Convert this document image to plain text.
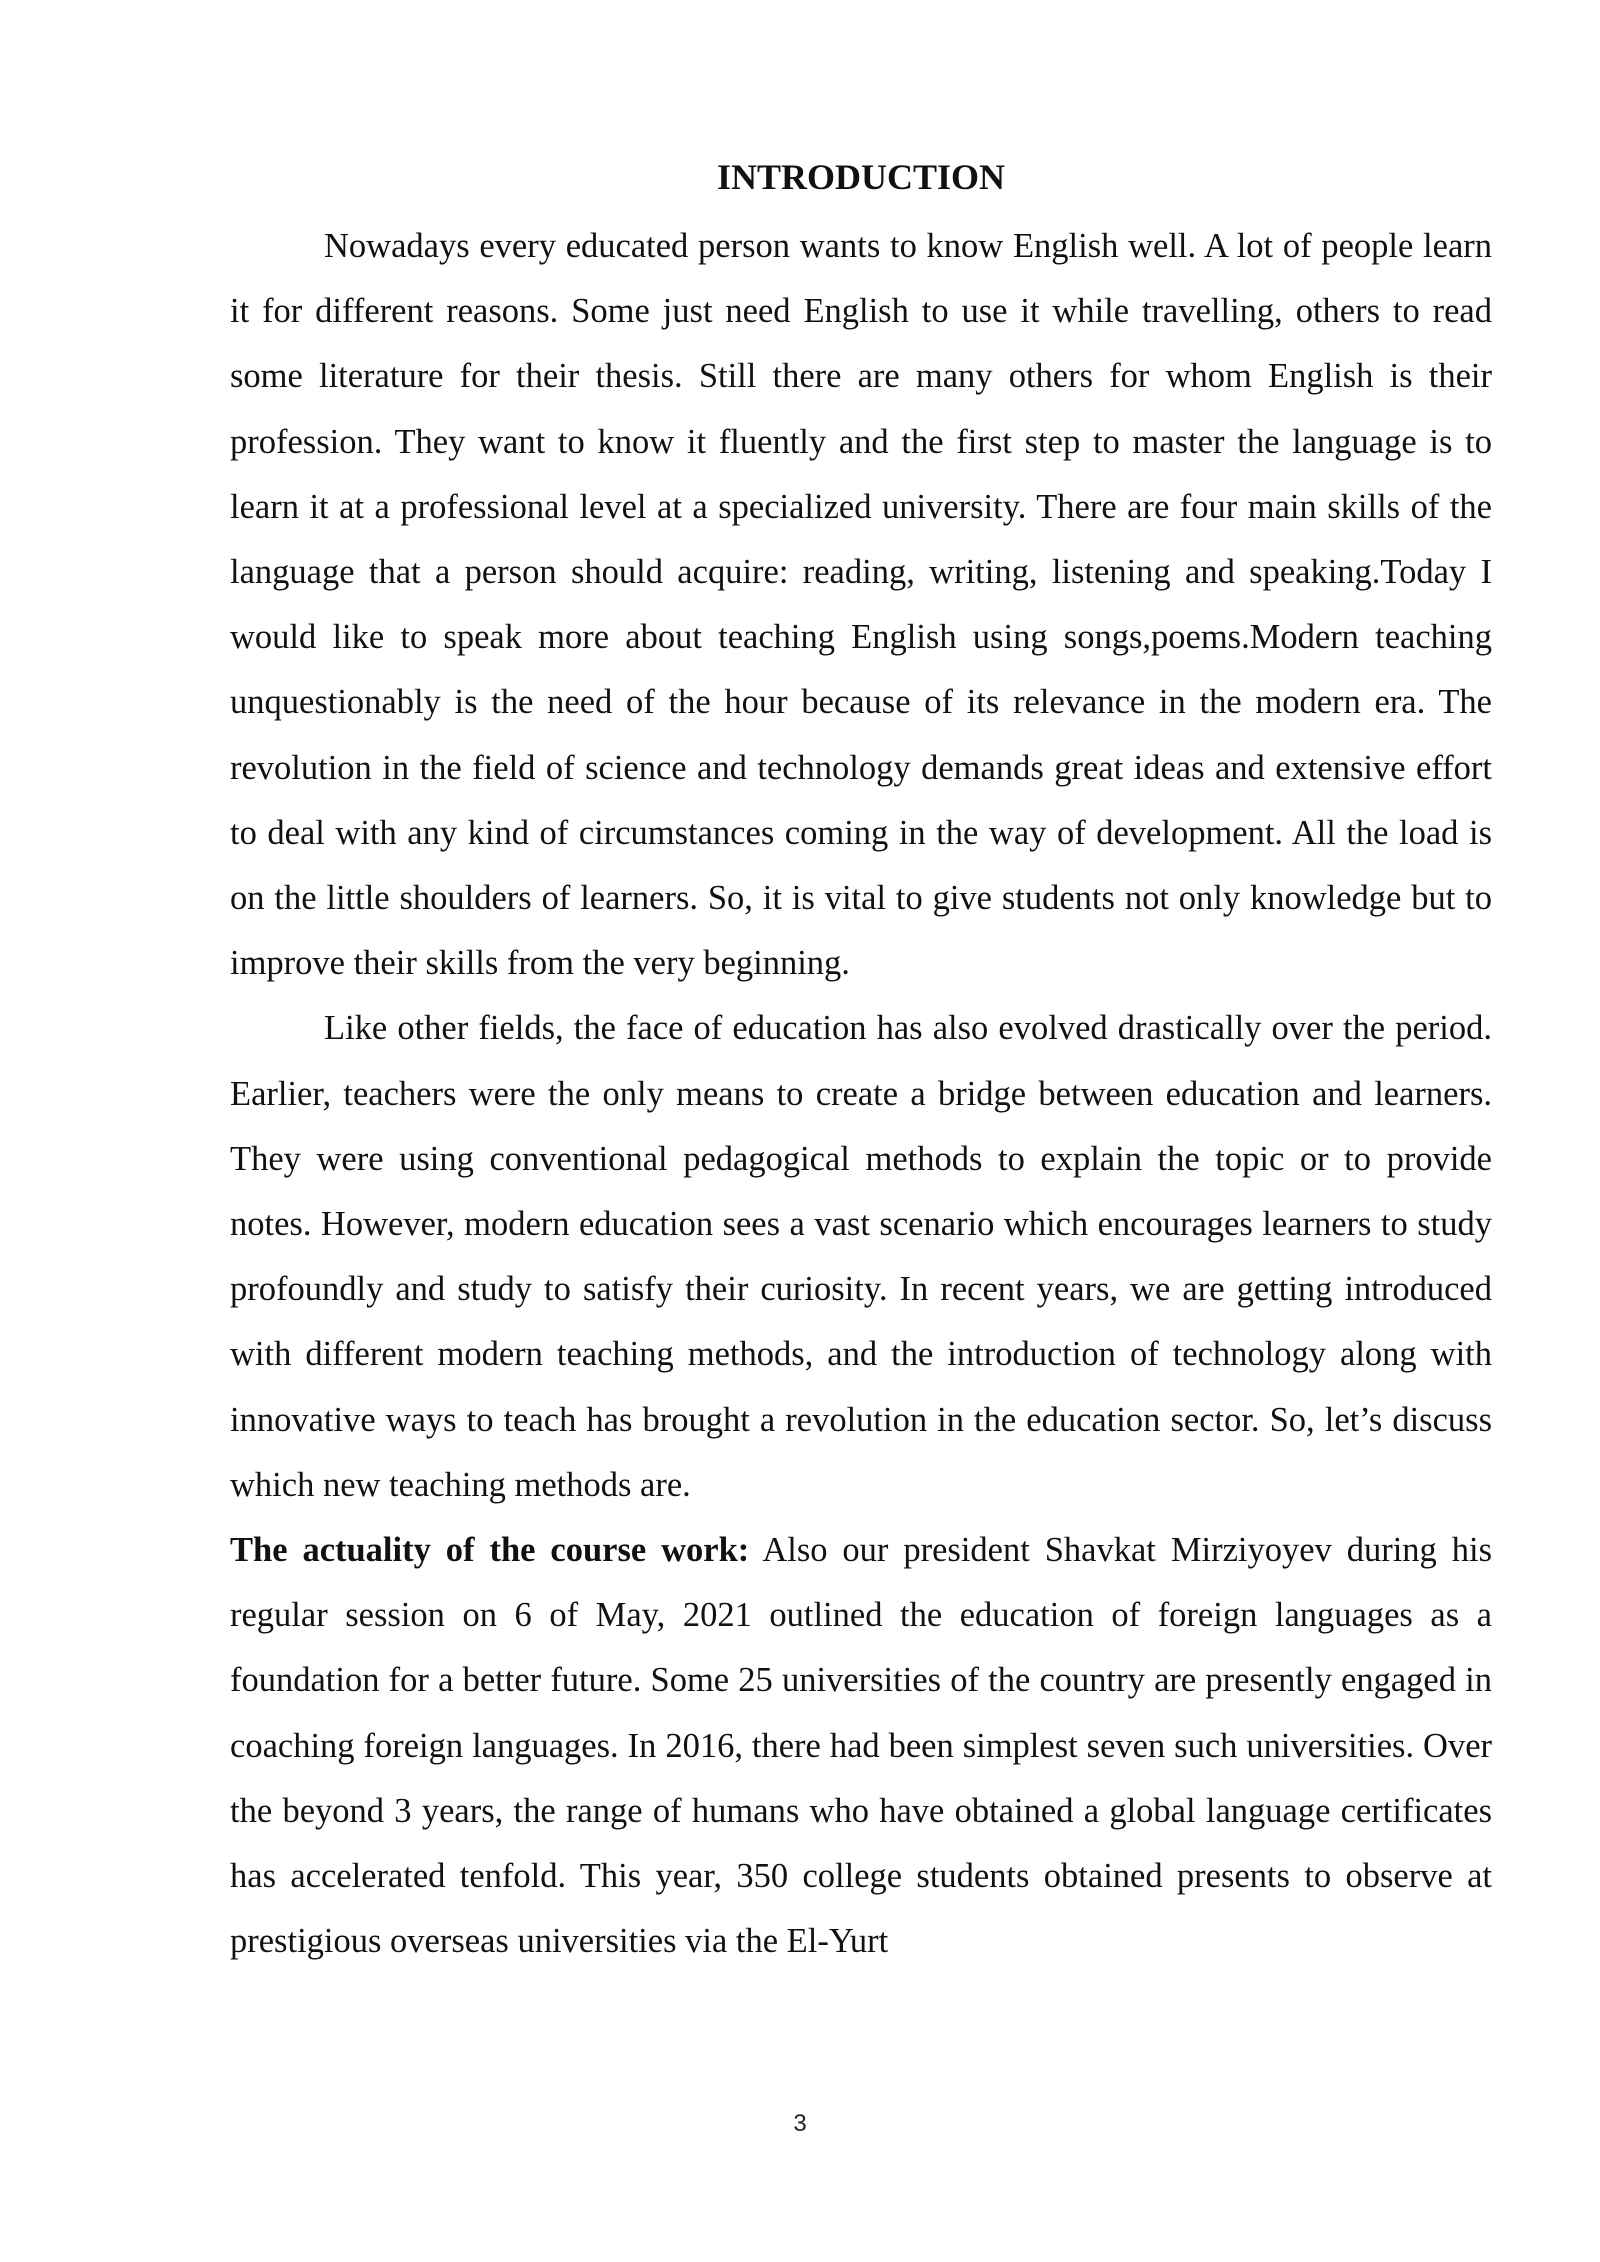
INTRODUCTION

Nowadays every educated person wants to know English well. A lot of people learn it for different reasons. Some just need English to use it while travelling, others to read some literature for their thesis. Still there are many others for whom English is their profession. They want to know it fluently and the first step to master the language is to learn it at a professional level at a specialized university. There are four main skills of the language that a person should acquire: reading, writing, listening and speaking.Today I would like to speak more about teaching English using songs,poems.Modern teaching unquestionably is the need of the hour because of its relevance in the modern era. The revolution in the field of science and technology demands great ideas and extensive effort to deal with any kind of circumstances coming in the way of development. All the load is on the little shoulders of learners. So, it is vital to give students not only knowledge but to improve their skills from the very beginning.

Like other fields, the face of education has also evolved drastically over the period. Earlier, teachers were the only means to create a bridge between education and learners. They were using conventional pedagogical methods to explain the topic or to provide notes. However, modern education sees a vast scenario which encourages learners to study profoundly and study to satisfy their curiosity. In recent years, we are getting introduced with different modern teaching methods, and the introduction of technology along with innovative ways to teach has brought a revolution in the education sector. So, let’s discuss which new teaching methods are.

The actuality of the course work: Also our president Shavkat Mirziyoyev during his regular session on 6 of May, 2021 outlined the education of foreign languages as a foundation for a better future. Some 25 universities of the country are presently engaged in coaching foreign languages. In 2016, there had been simplest seven such universities. Over the beyond 3 years, the range of humans who have obtained a global language certificates has accelerated tenfold. This year, 350 college students obtained presents to observe at prestigious overseas universities via the El-Yurt

3
